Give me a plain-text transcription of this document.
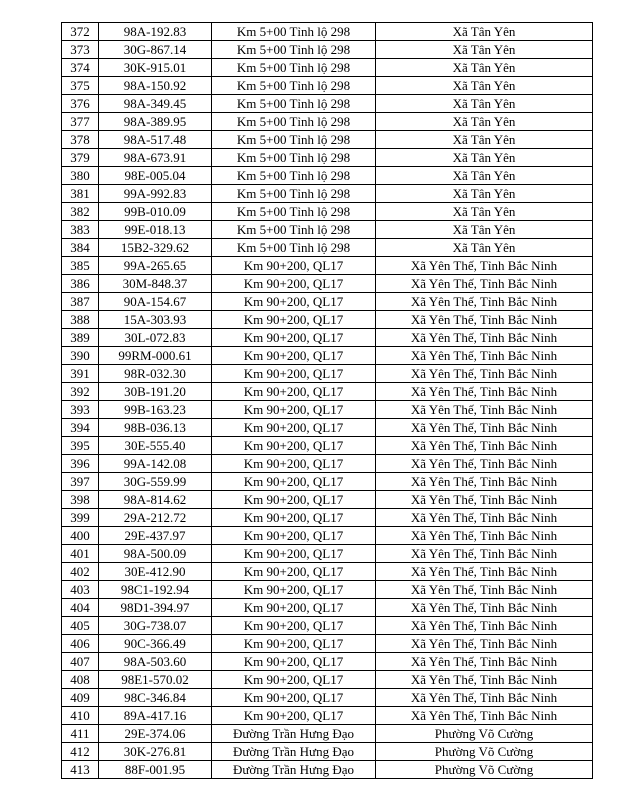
372	98A-192.83	Km 5+00 Tỉnh lộ 298	Xã Tân Yên
373	30G-867.14	Km 5+00 Tỉnh lộ 298	Xã Tân Yên
374	30K-915.01	Km 5+00 Tỉnh lộ 298	Xã Tân Yên
375	98A-150.92	Km 5+00 Tỉnh lộ 298	Xã Tân Yên
376	98A-349.45	Km 5+00 Tỉnh lộ 298	Xã Tân Yên
377	98A-389.95	Km 5+00 Tỉnh lộ 298	Xã Tân Yên
378	98A-517.48	Km 5+00 Tỉnh lộ 298	Xã Tân Yên
379	98A-673.91	Km 5+00 Tỉnh lộ 298	Xã Tân Yên
380	98E-005.04	Km 5+00 Tỉnh lộ 298	Xã Tân Yên
381	99A-992.83	Km 5+00 Tỉnh lộ 298	Xã Tân Yên
382	99B-010.09	Km 5+00 Tỉnh lộ 298	Xã Tân Yên
383	99E-018.13	Km 5+00 Tỉnh lộ 298	Xã Tân Yên
384	15B2-329.62	Km 5+00 Tỉnh lộ 298	Xã Tân Yên
385	99A-265.65	Km 90+200, QL17	Xã Yên Thế, Tỉnh Bắc Ninh
386	30M-848.37	Km 90+200, QL17	Xã Yên Thế, Tỉnh Bắc Ninh
387	90A-154.67	Km 90+200, QL17	Xã Yên Thế, Tỉnh Bắc Ninh
388	15A-303.93	Km 90+200, QL17	Xã Yên Thế, Tỉnh Bắc Ninh
389	30L-072.83	Km 90+200, QL17	Xã Yên Thế, Tỉnh Bắc Ninh
390	99RM-000.61	Km 90+200, QL17	Xã Yên Thế, Tỉnh Bắc Ninh
391	98R-032.30	Km 90+200, QL17	Xã Yên Thế, Tỉnh Bắc Ninh
392	30B-191.20	Km 90+200, QL17	Xã Yên Thế, Tỉnh Bắc Ninh
393	99B-163.23	Km 90+200, QL17	Xã Yên Thế, Tỉnh Bắc Ninh
394	98B-036.13	Km 90+200, QL17	Xã Yên Thế, Tỉnh Bắc Ninh
395	30E-555.40	Km 90+200, QL17	Xã Yên Thế, Tỉnh Bắc Ninh
396	99A-142.08	Km 90+200, QL17	Xã Yên Thế, Tỉnh Bắc Ninh
397	30G-559.99	Km 90+200, QL17	Xã Yên Thế, Tỉnh Bắc Ninh
398	98A-814.62	Km 90+200, QL17	Xã Yên Thế, Tỉnh Bắc Ninh
399	29A-212.72	Km 90+200, QL17	Xã Yên Thế, Tỉnh Bắc Ninh
400	29E-437.97	Km 90+200, QL17	Xã Yên Thế, Tỉnh Bắc Ninh
401	98A-500.09	Km 90+200, QL17	Xã Yên Thế, Tỉnh Bắc Ninh
402	30E-412.90	Km 90+200, QL17	Xã Yên Thế, Tỉnh Bắc Ninh
403	98C1-192.94	Km 90+200, QL17	Xã Yên Thế, Tỉnh Bắc Ninh
404	98D1-394.97	Km 90+200, QL17	Xã Yên Thế, Tỉnh Bắc Ninh
405	30G-738.07	Km 90+200, QL17	Xã Yên Thế, Tỉnh Bắc Ninh
406	90C-366.49	Km 90+200, QL17	Xã Yên Thế, Tỉnh Bắc Ninh
407	98A-503.60	Km 90+200, QL17	Xã Yên Thế, Tỉnh Bắc Ninh
408	98E1-570.02	Km 90+200, QL17	Xã Yên Thế, Tỉnh Bắc Ninh
409	98C-346.84	Km 90+200, QL17	Xã Yên Thế, Tỉnh Bắc Ninh
410	89A-417.16	Km 90+200, QL17	Xã Yên Thế, Tỉnh Bắc Ninh
411	29E-374.06	Đường Trần Hưng Đạo	Phường Võ Cường
412	30K-276.81	Đường Trần Hưng Đạo	Phường Võ Cường
413	88F-001.95	Đường Trần Hưng Đạo	Phường Võ Cường
